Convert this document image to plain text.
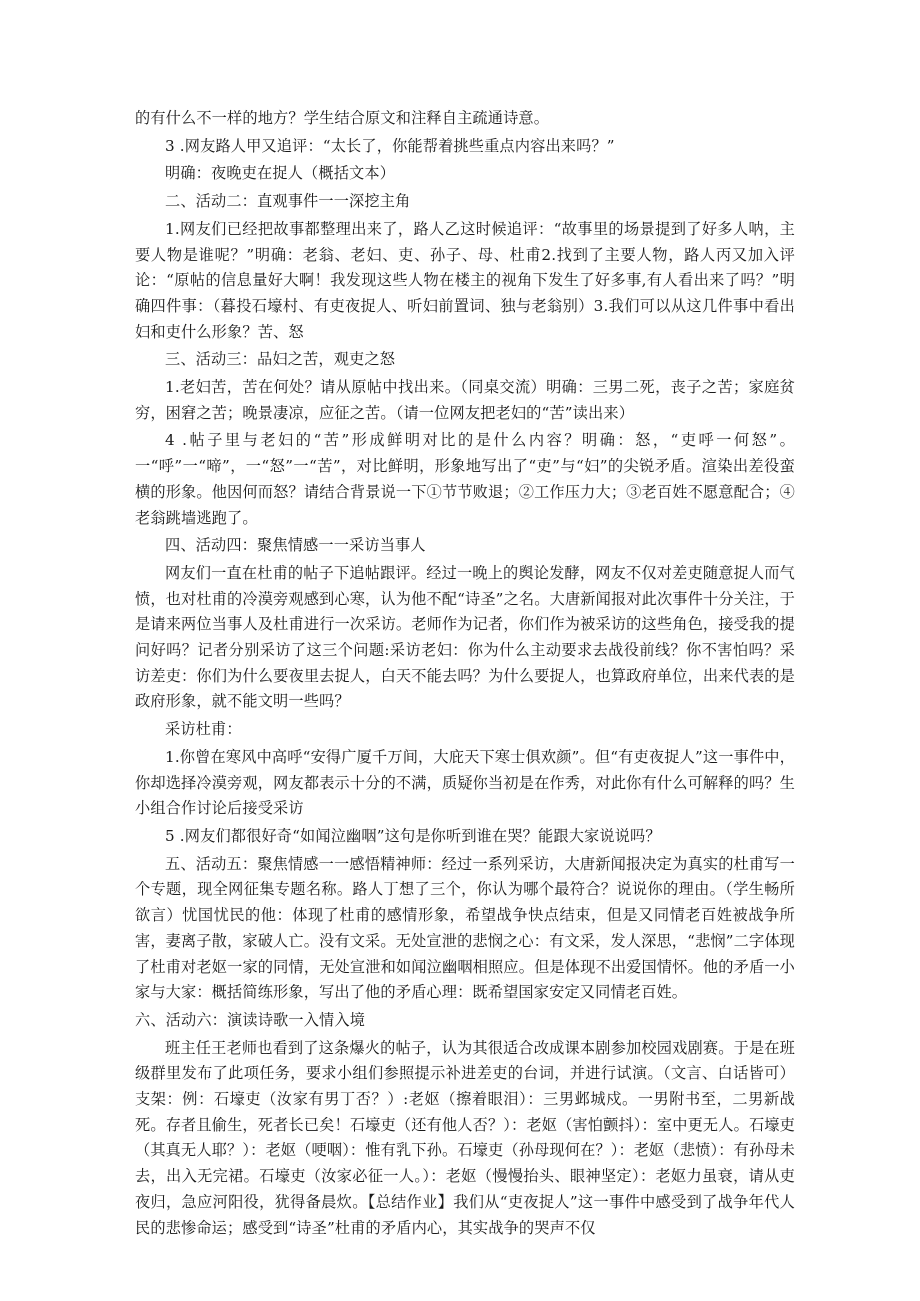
的有什么不一样的地方？学生结合原文和注释自主疏通诗意。

3 .网友路人甲又追评：“太长了，你能帮着挑些重点内容出来吗？”

明确：夜晚吏在捉人（概括文本）

二、活动二：直观事件一一深挖主角

1.网友们已经把故事都整理出来了，路人乙这时候追评：“故事里的场景提到了好多人呐，主要人物是谁呢？”明确：老翁、老妇、吏、孙子、母、杜甫2.找到了主要人物，路人丙又加入评论：“原帖的信息量好大啊！我发现这些人物在楼主的视角下发生了好多事,有人看出来了吗？”明确四件事：（暮投石壕村、有吏夜捉人、听妇前置词、独与老翁别）3.我们可以从这几件事中看出妇和吏什么形象？苦、怒

三、活动三：品妇之苦，观吏之怒

1.老妇苦，苦在何处？请从原帖中找出来。（同桌交流）明确：三男二死，丧子之苦；家庭贫穷，困窘之苦；晚景凄凉，应征之苦。（请一位网友把老妇的“苦”读出来）

4 .帖子里与老妇的“苦”形成鲜明对比的是什么内容？明确：怒，“吏呼一何怒”。一“呼”一“啼”，一“怒”一“苦”，对比鲜明，形象地写出了“吏”与“妇”的尖锐矛盾。渲染出差役蛮横的形象。他因何而怒？请结合背景说一下①节节败退；②工作压力大；③老百姓不愿意配合；④老翁跳墙逃跑了。

四、活动四：聚焦情感一一采访当事人

网友们一直在杜甫的帖子下追帖跟评。经过一晚上的舆论发酵，网友不仅对差吏随意捉人而气愤，也对杜甫的冷漠旁观感到心寒，认为他不配“诗圣”之名。大唐新闻报对此次事件十分关注，于是请来两位当事人及杜甫进行一次采访。老师作为记者，你们作为被采访的这些角色，接受我的提问好吗？记者分别采访了这三个问题:采访老妇：你为什么主动要求去战役前线？你不害怕吗？采访差吏：你们为什么要夜里去捉人，白天不能去吗？为什么要捉人，也算政府单位，出来代表的是政府形象，就不能文明一些吗？

采访杜甫：

1.你曾在寒风中高呼“安得广厦千万间，大庇天下寒士俱欢颜”。但“有吏夜捉人”这一事件中，你却选择冷漠旁观，网友都表示十分的不满，质疑你当初是在作秀，对此你有什么可解释的吗？生小组合作讨论后接受采访

5 .网友们都很好奇“如闻泣幽咽”这句是你听到谁在哭？能跟大家说说吗？

五、活动五：聚焦情感一一感悟精神师：经过一系列采访，大唐新闻报决定为真实的杜甫写一个专题，现全网征集专题名称。路人丁想了三个，你认为哪个最符合？说说你的理由。（学生畅所欲言）忧国忧民的他：体现了杜甫的感情形象，希望战争快点结束，但是又同情老百姓被战争所害，妻离子散，家破人亡。没有文采。无处宣泄的悲悯之心：有文采，发人深思，“悲悯”二字体现了杜甫对老妪一家的同情，无处宣泄和如闻泣幽咽相照应。但是体现不出爱国情怀。他的矛盾一小家与大家：概括简练形象，写出了他的矛盾心理：既希望国家安定又同情老百姓。

六、活动六：演读诗歌一入情入境

班主任王老师也看到了这条爆火的帖子，认为其很适合改成课本剧参加校园戏剧赛。于是在班级群里发布了此项任务，要求小组们参照提示补进差吏的台词，并进行试演。（文言、白话皆可）支架：例：石壕吏（汝家有男丁否？）:老妪（擦着眼泪）：三男邺城戍。一男附书至，二男新战死。存者且偷生，死者长已矣！石壕吏（还有他人否？）：老妪（害怕颤抖）：室中更无人。石壕吏（其真无人耶？）：老妪（哽咽）：惟有乳下孙。石壕吏（孙母现何在？）：老妪（悲愤）：有孙母未去，出入无完裙。石壕吏（汝家必征一人。）：老妪（慢慢抬头、眼神坚定）：老妪力虽衰，请从吏夜归，急应河阳役，犹得备晨炊。【总结作业】我们从“吏夜捉人”这一事件中感受到了战争年代人民的悲惨命运；感受到“诗圣”杜甫的矛盾内心，其实战争的哭声不仅
